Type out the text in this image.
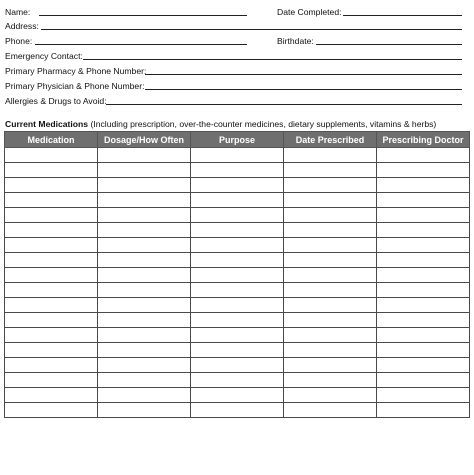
Name:	Date Completed:
Address:
Phone:	Birthdate:
Emergency Contact:
Primary Pharmacy & Phone Number:
Primary Physician & Phone Number:
Allergies & Drugs to Avoid:
Current Medications (Including prescription, over-the-counter medicines, dietary supplements, vitamins & herbs)
Medication	Dosage/How Often	Purpose	Date Prescribed	Prescribing Doctor
